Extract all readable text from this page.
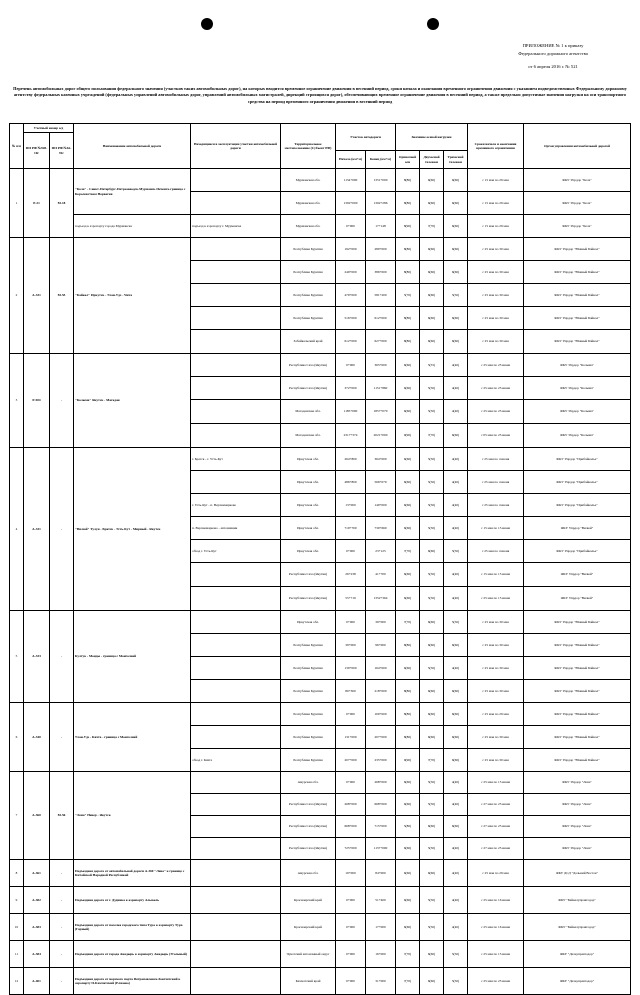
ПРИЛОЖЕНИЕ № 1 к приказу
Федерального дорожного агентства
от 6 апреля 2016 г. № 521
Перечень автомобильных дорог общего пользования федерального значения (участков таких автомобильных дорог), на которых вводится временное ограничение движения в весенний период, сроки начала и окончания временного ограничения движения с указанием подведомственных Федеральному дорожному агентству федеральных казенных учреждений (федеральных управлений автомобильных дорог, управлений автомобильных магистралей, дирекций строящихся дорог), обеспечивающих временное ограничение движения в весенний период, а также предельно допустимые значения нагрузки на оси транспортного средства на период временного ограничения движения в весенний период
№ п/п	Учетный номер а/д		Наименование автомобильной дороги	Находящиеся в эксплуатации участки автомобильной дороги	Территориальное местоположение (Субъект РФ)	Участок автодороги		Значение осевой нагрузки			Сроки начала и окончания временного ограничения	Орган управления автомобильной дорогой
	ПП РФ №928-10г	ПП РФ №62-91г										
						Начало (км+м)	Конец (км+м)	Одиночной оси	Двухосной тележки	Трехосной тележки		
1	Р-21	М-18	"Кола" - Санкт-Петербург-Петрозаводск-Мурманск-Печенга-граница с Королевством Норвегия		Мурманская обл.	1134+000	1351+000	8(80)	6(60)	6(60)	с 15 мая по 29 мая	ФКУ Упрдор "Кола"
					Мурманская обл.	1392+000	1392+286	8(80)	6(60)	6(60)	с 15 мая по 29 мая	ФКУ Упрдор "Кола"
			подъезд к аэропорту города Мурманска	подъезд к аэропорту г. Мурманска	Мурманская обл.	0+000	17+148	8(90)	7(70)	6(60)	с 15 мая по 29 мая	ФКУ Упрдор "Кола"
2	А-331	М-55	"Байкал" Иркутск - Улан-Удэ - Чита		Республика Бурятия	192+000	280+000	8(80)	6(60)	6(60)	с 25 мая по 30 мая	ФКУ Упрдор "Южный Байкал"
					Республика Бурятия	249+000	386+000	8(80)	6(60)	6(60)	с 25 мая по 30 мая	ФКУ Упрдор "Южный Байкал"
					Республика Бурятия	479+000	581+200	5(70)	6(60)	5(50)	с 25 мая по 30 мая	ФКУ Упрдор "Южный Байкал"
					Республика Бурятия	516+000	612+000	8(80)	6(60)	6(60)	с 25 мая по 30 мая	ФКУ Упрдор "Южный Байкал"
					Забайкальский край	612+000	627+000	8(80)	6(60)	6(60)	с 25 мая по 30 мая	ФКУ Упрдор "Южный Байкал"
3	Р-504	-	"Колыма" Якутск - Магадан		Республика Саха (Якутия)	0+000	365+000	6(60)	5(55)	4(40)	с 25 мая по 25 июня	ФКУ Упрдор "Колыма"
					Республика Саха (Якутия)	372+000	1151+860	6(60)	5(50)	4(40)	с 25 мая по 25 июня	ФКУ Упрдор "Колыма"
					Магаданская обл.	1185+000	1857+070	6(60)	5(50)	4(40)	с 25 мая по 25 июня	ФКУ Упрдор "Колыма"
					Магаданская обл.	2317+374	2021+000	9(90)	7(70)	6(60)	с 05 мая по 25 июня	ФКУ Упрдор "Колыма"
4	А-331	-	"Вилюй" Тулун - Братск - Усть-Кут - Мирный - Якутск	г. Братск - г. Усть-Кут	Иркутская обл.	264+800	364+000	6(60)	5(50)	4(40)	с 25 мая по 4 июня	ФКУ Упрдор "Прибайкалье"
					Иркутская обл.	486+800	566+070	6(60)	5(50)	4(40)	с 25 мая по 4 июня	ФКУ Упрдор "Прибайкалье"
				г. Усть-Кут - п. Верхнемарково	Иркутская обл.	13+000	149+000	6(60)	5(50)	4(40)	с 25 мая по 4 июня	ФКУ Упрдор "Прибайкалье"
				п. Верхнемарково - автозимник	Иркутская обл.	719+700	730+660	6(60)	5(50)	4(40)	с 15 мая по 15 июня	ФКУ Упрдор "Вилюй"
				обход г. Усть-Кут	Иркутская обл.	0+000	23+125	7(70)	6(60)	5(50)	с 25 мая по 4 июня	ФКУ Упрдор "Прибайкалье"
					Республика Саха (Якутия)	26+238	41+700	6(60)	5(50)	4(40)	с 15 мая по 15 июня	ФКУ Упрдор "Вилюй"
					Республика Саха (Якутия)	55+719	1352+364	6(60)	5(50)	4(40)	с 25 мая по 15 июня	ФКУ Упрдор "Вилюй"
5	А-333	-	Култук - Монды - граница с Монголией		Иркутская обл.	0+000	39+000	7(70)	6(60)	5(50)	с 25 мая по 30 мая	ФКУ Упрдор "Южный Байкал"
					Республика Бурятия	39+000	96+000	8(80)	6(60)	6(60)	с 25 мая по 30 мая	ФКУ Упрдор "Южный Байкал"
					Республика Бурятия	130+000	164+000	6(60)	5(50)	4(40)	с 25 мая по 30 мая	ФКУ Упрдор "Южный Байкал"
					Республика Бурятия	80+300	218+000	8(80)	6(60)	6(60)	с 25 мая по 30 мая	ФКУ Упрдор "Южный Байкал"
6	А-340	-	Улан-Удэ - Кяхта - граница с Монголией		Республика Бурятия	0+000	100+000	8(80)	6(60)	6(60)	с 25 мая по 29 мая	ФКУ Упрдор "Южный Байкал"
					Республика Бурятия	131+000	207+000	8(80)	6(60)	6(60)	с 25 мая по 30 мая	ФКУ Упрдор "Южный Байкал"
				обход г. Кяхта	Республика Бурятия	207+000	235+000	9(90)	7(70)	6(60)	с 25 мая по 30 мая	ФКУ Упрдор "Южный Байкал"
7	А-360	М-56	"Лена" Невер - Якутск		Амурская обл.	0+000	268+000	6(60)	5(50)	4(40)	с 25 мая по 15 июня	ФКУ Упрдор "Лена"
					Республика Саха (Якутия)	268+000	668+000	6(60)	5(50)	4(40)	с 27 мая по 25 июня	ФКУ Упрдор "Лена"
					Республика Саха (Якутия)	668+000	715+000	5(80)	6(60)	6(60)	с 27 мая по 25 июня	ФКУ Упрдор "Лена"
					Республика Саха (Якутия)	725+000	1137+000	6(60)	5(50)	4(40)	с 27 мая по 25 июня	ФКУ Упрдор "Лена"
8	А-361	-	Подъездная дорога от автомобильной дороги А-360 "Лена" к границе с Китайской Народной Республикой		Амурская обл.	19+000	84+000	6(60)	6(60)	4(40)	с 25 мая по 29 мая	ФКУ ДСД "Дальний Восток"
9	А-382	-	Подъездная дорога от г. Дудинка к аэропорту Алыкель		Красноярский край	0+000	51+400	6(60)	5(50)	4(40)	с 25 мая по 16 июня	ФКУ "Байкалуправтодор"
10	А-383	-	Подъездная дорога от поселка городского типа Тура к аэропорту Тура (Горный)		Красноярский край	0+000	17+000	6(60)	5(50)	4(40)	с 25 мая по 16 июня	ФКУ "Байкалуправтодор"
11	А-384	-	Подъездная дорога от города Анадырь к аэропорту Анадырь (Угольный)		Чукотский автономный округ	0+000	16+000	7(70)	6(60)	5(50)	с 25 мая по 15 июня	ФКУ "Дальуправтодор"
12	А-401	-	Подъездная дорога от морского порта Петропавловск-Камчатский к аэропорту П-Камчатский (Елизово)		Камчатский край	0+000	31+000	7(70)	6(60)	5(50)	с 25 мая по 25 июня	ФКУ "Дальуправтодор"
